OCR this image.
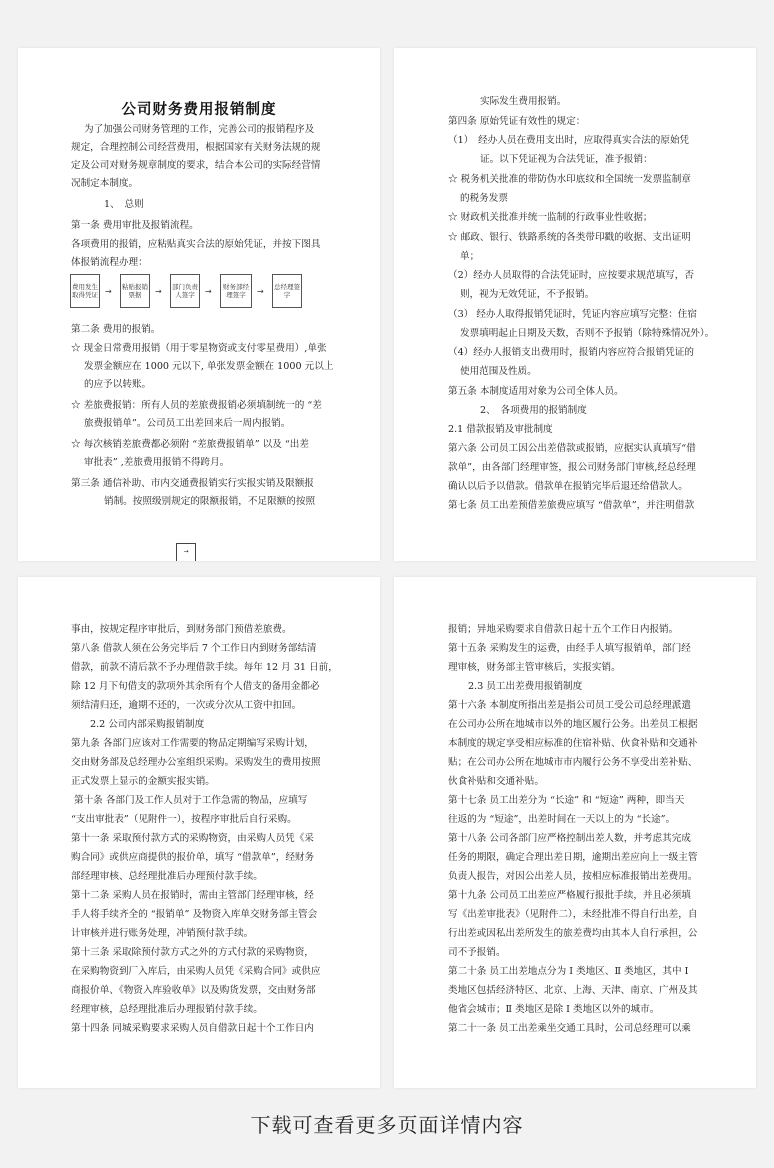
公司财务费用报销制度
为了加强公司财务管理的工作，完善公司的报销程序及
规定，合理控制公司经营费用，根据国家有关财务法规的规
定及公司对财务规章制度的要求，结合本公司的实际经营情
况制定本制度。
1、　总则
第一条 费用审批及报销流程。
各项费用的报销，应粘贴真实合法的原始凭证，并按下图具
体报销流程办理：
费用发生取得凭证 →	粘贴报销票据	→	部门负责人签字	→	财务部经理签字	→	总经理签字
第二条 费用的报销。
☆ 现金日常费用报销（用于零星物资或支付零星费用）,单张
发票金额应在 1000 元以下, 单张发票金额在 1000 元以上
的应予以转账。
☆ 差旅费报销：所有人员的差旅费报销必须填制统一的 “差
旅费报销单”。公司员工出差回来后一周内报销。
☆ 每次核销差旅费都必须附 “差旅费报销单” 以及 “出差
审批表” ,差旅费用报销不得跨月。
第三条 通信补助、市内交通费报销实行实报实销及限额报
销制。按照级别规定的限额报销，不足限额的按照
→
实际发生费用报销。
第四条 原始凭证有效性的规定：
（1）　经办人员在费用支出时，应取得真实合法的原始凭
证。以下凭证视为合法凭证，准予报销：
☆ 税务机关批准的带防伪水印底纹和全国统一发票监制章
的税务发票
☆ 财政机关批准并统一监制的行政事业性收据；
☆ 邮政、银行、铁路系统的各类带印戳的收据、支出证明
单；
（2）经办人员取得的合法凭证时，应按要求规范填写，否
则，视为无效凭证，不予报销。
（3） 经办人取得报销凭证时，凭证内容应填写完整：住宿
发票填明起止日期及天数，否则不予报销（除特殊情况外）。
（4）经办人报销支出费用时，报销内容应符合报销凭证的
使用范围及性质。
第五条 本制度适用对象为公司全体人员。
2、　各项费用的报销制度
2.1 借款报销及审批制度
第六条 公司员工因公出差借款或报销，应据实认真填写“借
款单”，由各部门经理审签，报公司财务部门审核,经总经理
确认以后予以借款。借款单在报销完毕后退还给借款人。
第七条 员工出差预借差旅费应填写 “借款单”，并注明借款
事由，按规定程序审批后，到财务部门预借差旅费。
第八条 借款人须在公务完毕后 7 个工作日内到财务部结清
借款，前款不清后款不予办理借款手续。每年 12 月 31 日前，
除 12 月下旬借支的款项外其余所有个人借支的备用金都必
须结清归还，逾期不还的，一次或分次从工资中扣回。
2.2 公司内部采购报销制度
第九条 各部门应该对工作需要的物品定期编写采购计划，
交由财务部及总经理办公室组织采购。采购发生的费用按照
正式发票上显示的金额实报实销。
第十条 各部门及工作人员对于工作急需的物品，应填写
“支出审批表”（见附件一），按程序审批后自行采购。
第十一条 采取预付款方式的采购物资，由采购人员凭《采
购合同》或供应商提供的报价单，填写 “借款单”，经财务
部经理审核、总经理批准后办理预付款手续。
第十二条 采购人员在报销时，需由主管部门经理审核，经
手人将手续齐全的 “报销单” 及物资入库单交财务部主管会
计审核并进行账务处理，冲销预付款手续。
第十三条 采取除预付款方式之外的方式付款的采购物资，
在采购物资到厂入库后，由采购人员凭《采购合同》或供应
商报价单、《物资入库验收单》以及购货发票，交由财务部
经理审核，总经理批准后办理报销付款手续。
第十四条 同城采购要求采购人员自借款日起十个工作日内
报销；异地采购要求自借款日起十五个工作日内报销。
第十五条 采购发生的运费，由经手人填写报销单，部门经
理审核，财务部主管审核后，实报实销。
2.3 员工出差费用报销制度
第十六条 本制度所指出差是指公司员工受公司总经理派遣
在公司办公所在地城市以外的地区履行公务。出差员工根据
本制度的规定享受相应标准的住宿补贴、伙食补贴和交通补
贴；在公司办公所在地城市市内履行公务不享受出差补贴、
伙食补贴和交通补贴。
第十七条 员工出差分为 “长途” 和 “短途” 两种，即当天
往返的为 “短途”，出差时间在一天以上的为 “长途”。
第十八条 公司各部门应严格控制出差人数，并考虑其完成
任务的期限，确定合理出差日期，逾期出差应向上一级主管
负责人报告，对因公出差人员，按相应标准报销出差费用。
第十九条 公司员工出差应严格履行报批手续，并且必须填
写《出差审批表》（见附件二），未经批准不得自行出差，自
行出差或因私出差所发生的旅差费均由其本人自行承担，公
司不予报销。
第二十条 员工出差地点分为 Ⅰ 类地区、Ⅱ 类地区，其中 Ⅰ
类地区包括经济特区、北京、上海、天津、南京、广州及其
他省会城市；Ⅱ 类地区是除 Ⅰ 类地区以外的城市。
第二十一条 员工出差乘坐交通工具时，公司总经理可以乘
下载可查看更多页面详情内容
